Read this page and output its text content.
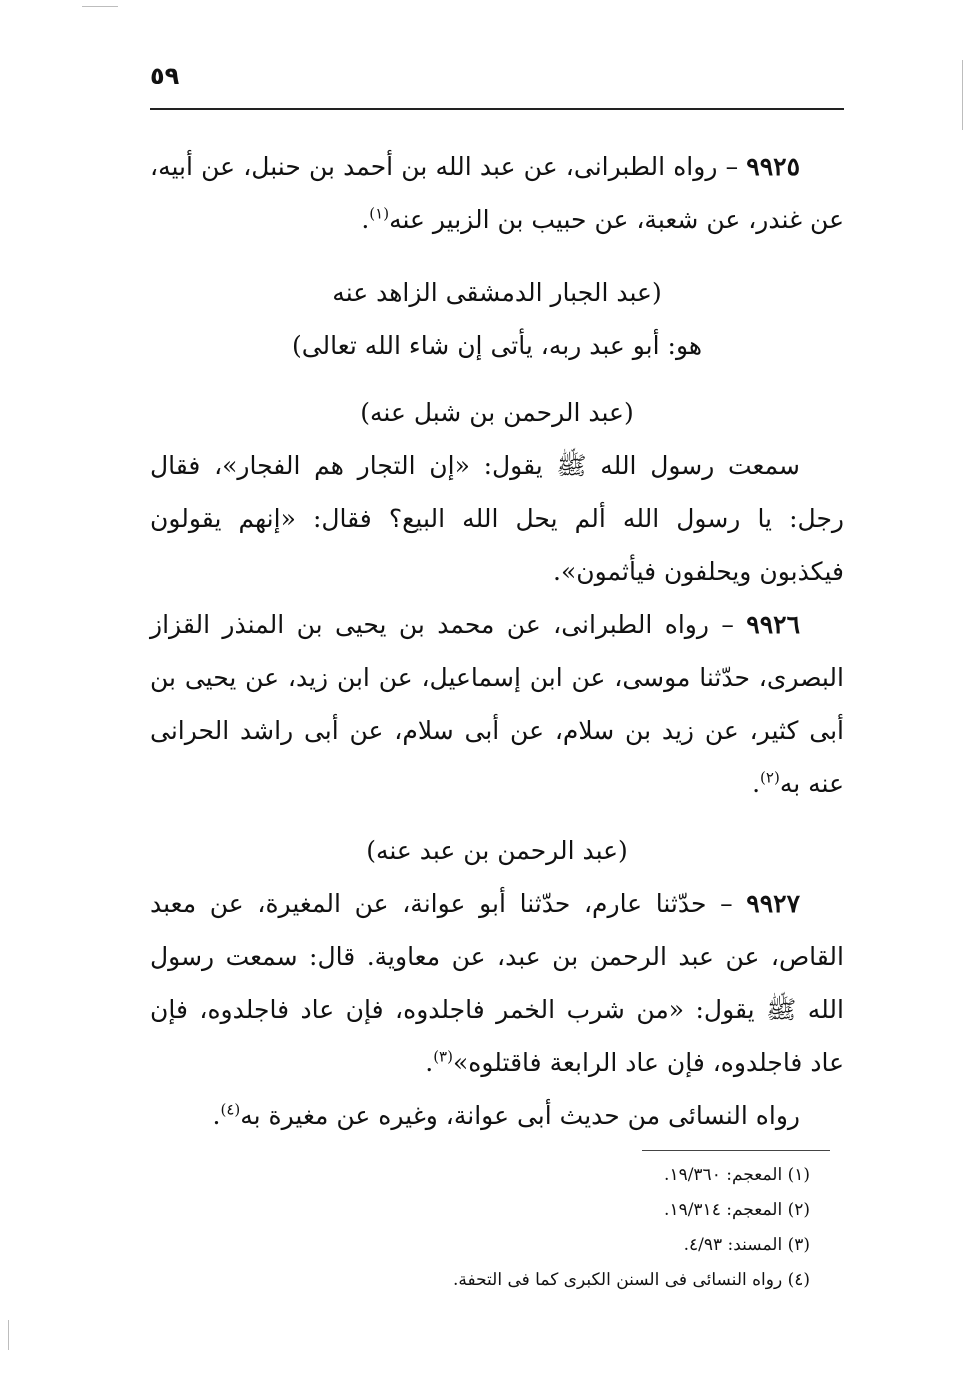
٥٩

٩٩٢٥ – رواه الطبرانى، عن عبد الله بن أحمد بن حنبل، عن أبيه، عن غندر، عن شعبة، عن حبيب بن الزبير عنه$^{(١)}$.

(عبد الجبار الدمشقى الزاهد عنه

هو: أبو عبد ربه، يأتى إن شاء الله تعالى)

(عبد الرحمن بن شبل عنه)

سمعت رسول الله ﷺ يقول: «إن التجار هم الفجار»، فقال رجل: يا رسول الله ألم يحل الله البيع؟ فقال: «إنهم يقولون فيكذبون ويحلفون فيأثمون».

٩٩٢٦ – رواه الطبرانى، عن محمد بن يحيى بن المنذر القزاز البصرى، حدّثنا موسى، عن ابن إسماعيل، عن ابن زيد، عن يحيى بن أبى كثير، عن زيد بن سلام، عن أبى سلام، عن أبى راشد الحرانى عنه به$^{(٢)}$.

(عبد الرحمن بن عبد عنه)

٩٩٢٧ – حدّثنا عارم، حدّثنا أبو عوانة، عن المغيرة، عن معبد القاص، عن عبد الرحمن بن عبد، عن معاوية. قال: سمعت رسول الله ﷺ يقول: «من شرب الخمر فاجلدوه، فإن عاد فاجلدوه، فإن عاد فاجلدوه، فإن عاد الرابعة فاقتلوه»$^{(٣)}$.

رواه النسائى من حديث أبى عوانة، وغيره عن مغيرة به$^{(٤)}$.

(١) المعجم: ١٩/٣٦٠.

(٢) المعجم: ١٩/٣١٤.

(٣) المسند: ٤/٩٣.

(٤) رواه النسائى فى السنن الكبرى كما فى التحفة.
